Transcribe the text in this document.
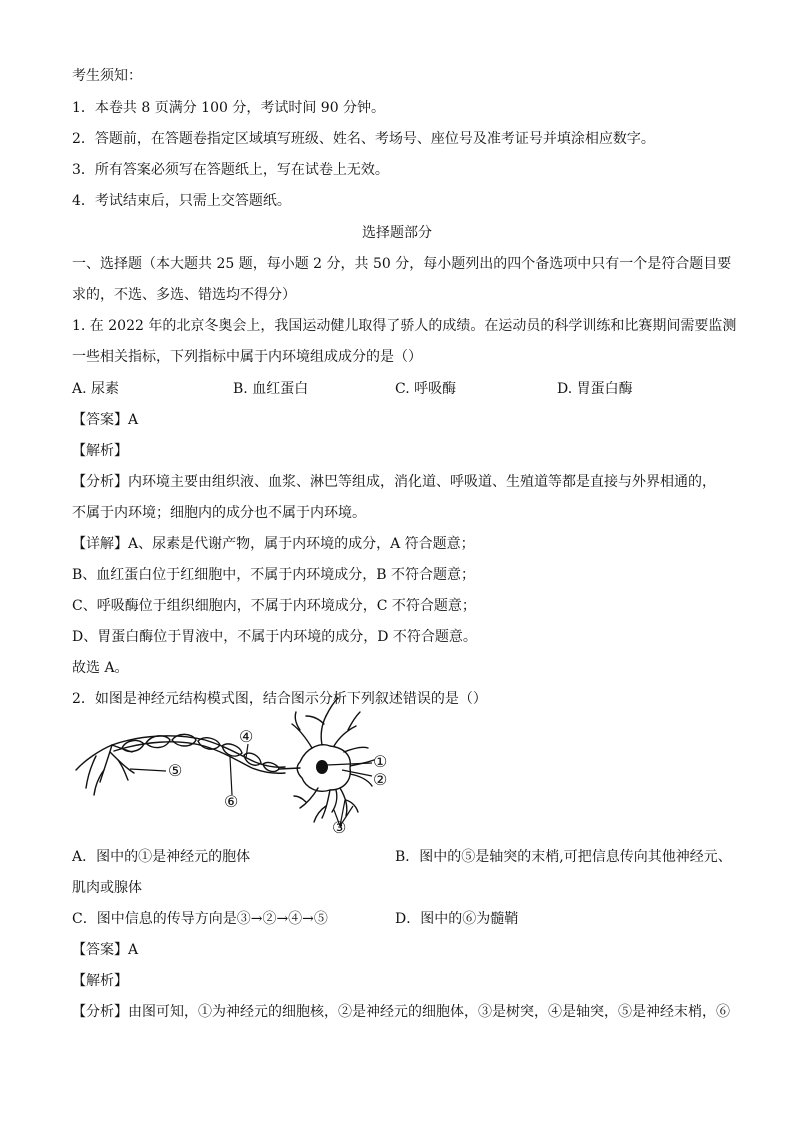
考生须知：
1．本卷共 8 页满分 100 分，考试时间 90 分钟。
2．答题前，在答题卷指定区域填写班级、姓名、考场号、座位号及准考证号并填涂相应数字。
3．所有答案必须写在答题纸上，写在试卷上无效。
4．考试结束后，只需上交答题纸。
选择题部分
一、选择题（本大题共 25 题，每小题 2 分，共 50 分，每小题列出的四个备选项中只有一个是符合题目要
求的，不选、多选、错选均不得分）
1. 在 2022 年的北京冬奥会上，我国运动健儿取得了骄人的成绩。在运动员的科学训练和比赛期间需要监测
一些相关指标，下列指标中属于内环境组成成分的是（）
A. 尿素	B. 血红蛋白	C. 呼吸酶	D. 胃蛋白酶
【答案】A
【解析】
【分析】内环境主要由组织液、血浆、淋巴等组成，消化道、呼吸道、生殖道等都是直接与外界相通的，
不属于内环境；细胞内的成分也不属于内环境。
【详解】A、尿素是代谢产物，属于内环境的成分，A 符合题意；
B、血红蛋白位于红细胞中，不属于内环境成分，B 不符合题意；
C、呼吸酶位于组织细胞内，不属于内环境成分，C 不符合题意；
D、胃蛋白酶位于胃液中，不属于内环境的成分，D 不符合题意。
故选 A。
2．如图是神经元结构模式图，结合图示分析下列叙述错误的是（）
①
②
③
④
⑤
⑥
A．图中的①是神经元的胞体	B．图中的⑤是轴突的末梢,可把信息传向其他神经元、
肌肉或腺体
C．图中信息的传导方向是③→②→④→⑤	D．图中的⑥为髓鞘
【答案】A
【解析】
【分析】由图可知，①为神经元的细胞核，②是神经元的细胞体，③是树突，④是轴突，⑤是神经末梢，⑥
